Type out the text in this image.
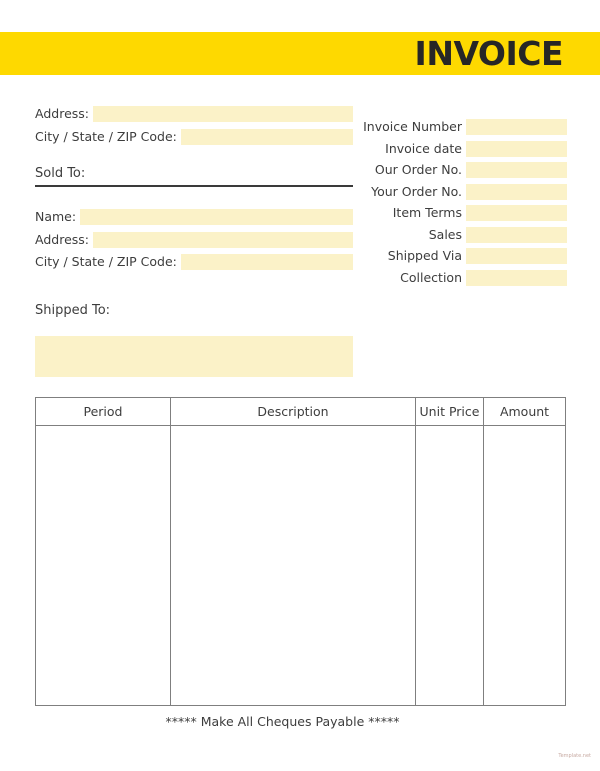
INVOICE
Address:
City / State / ZIP Code:
Sold To:
Name:
Address:
City / State / ZIP Code:
Shipped To:
Invoice Number
Invoice date
Our Order No.
Your Order No.
Item Terms
Sales
Shipped Via
Collection
Period	Description	Unit Price	Amount

***** Make All Cheques Payable *****
Template.net
